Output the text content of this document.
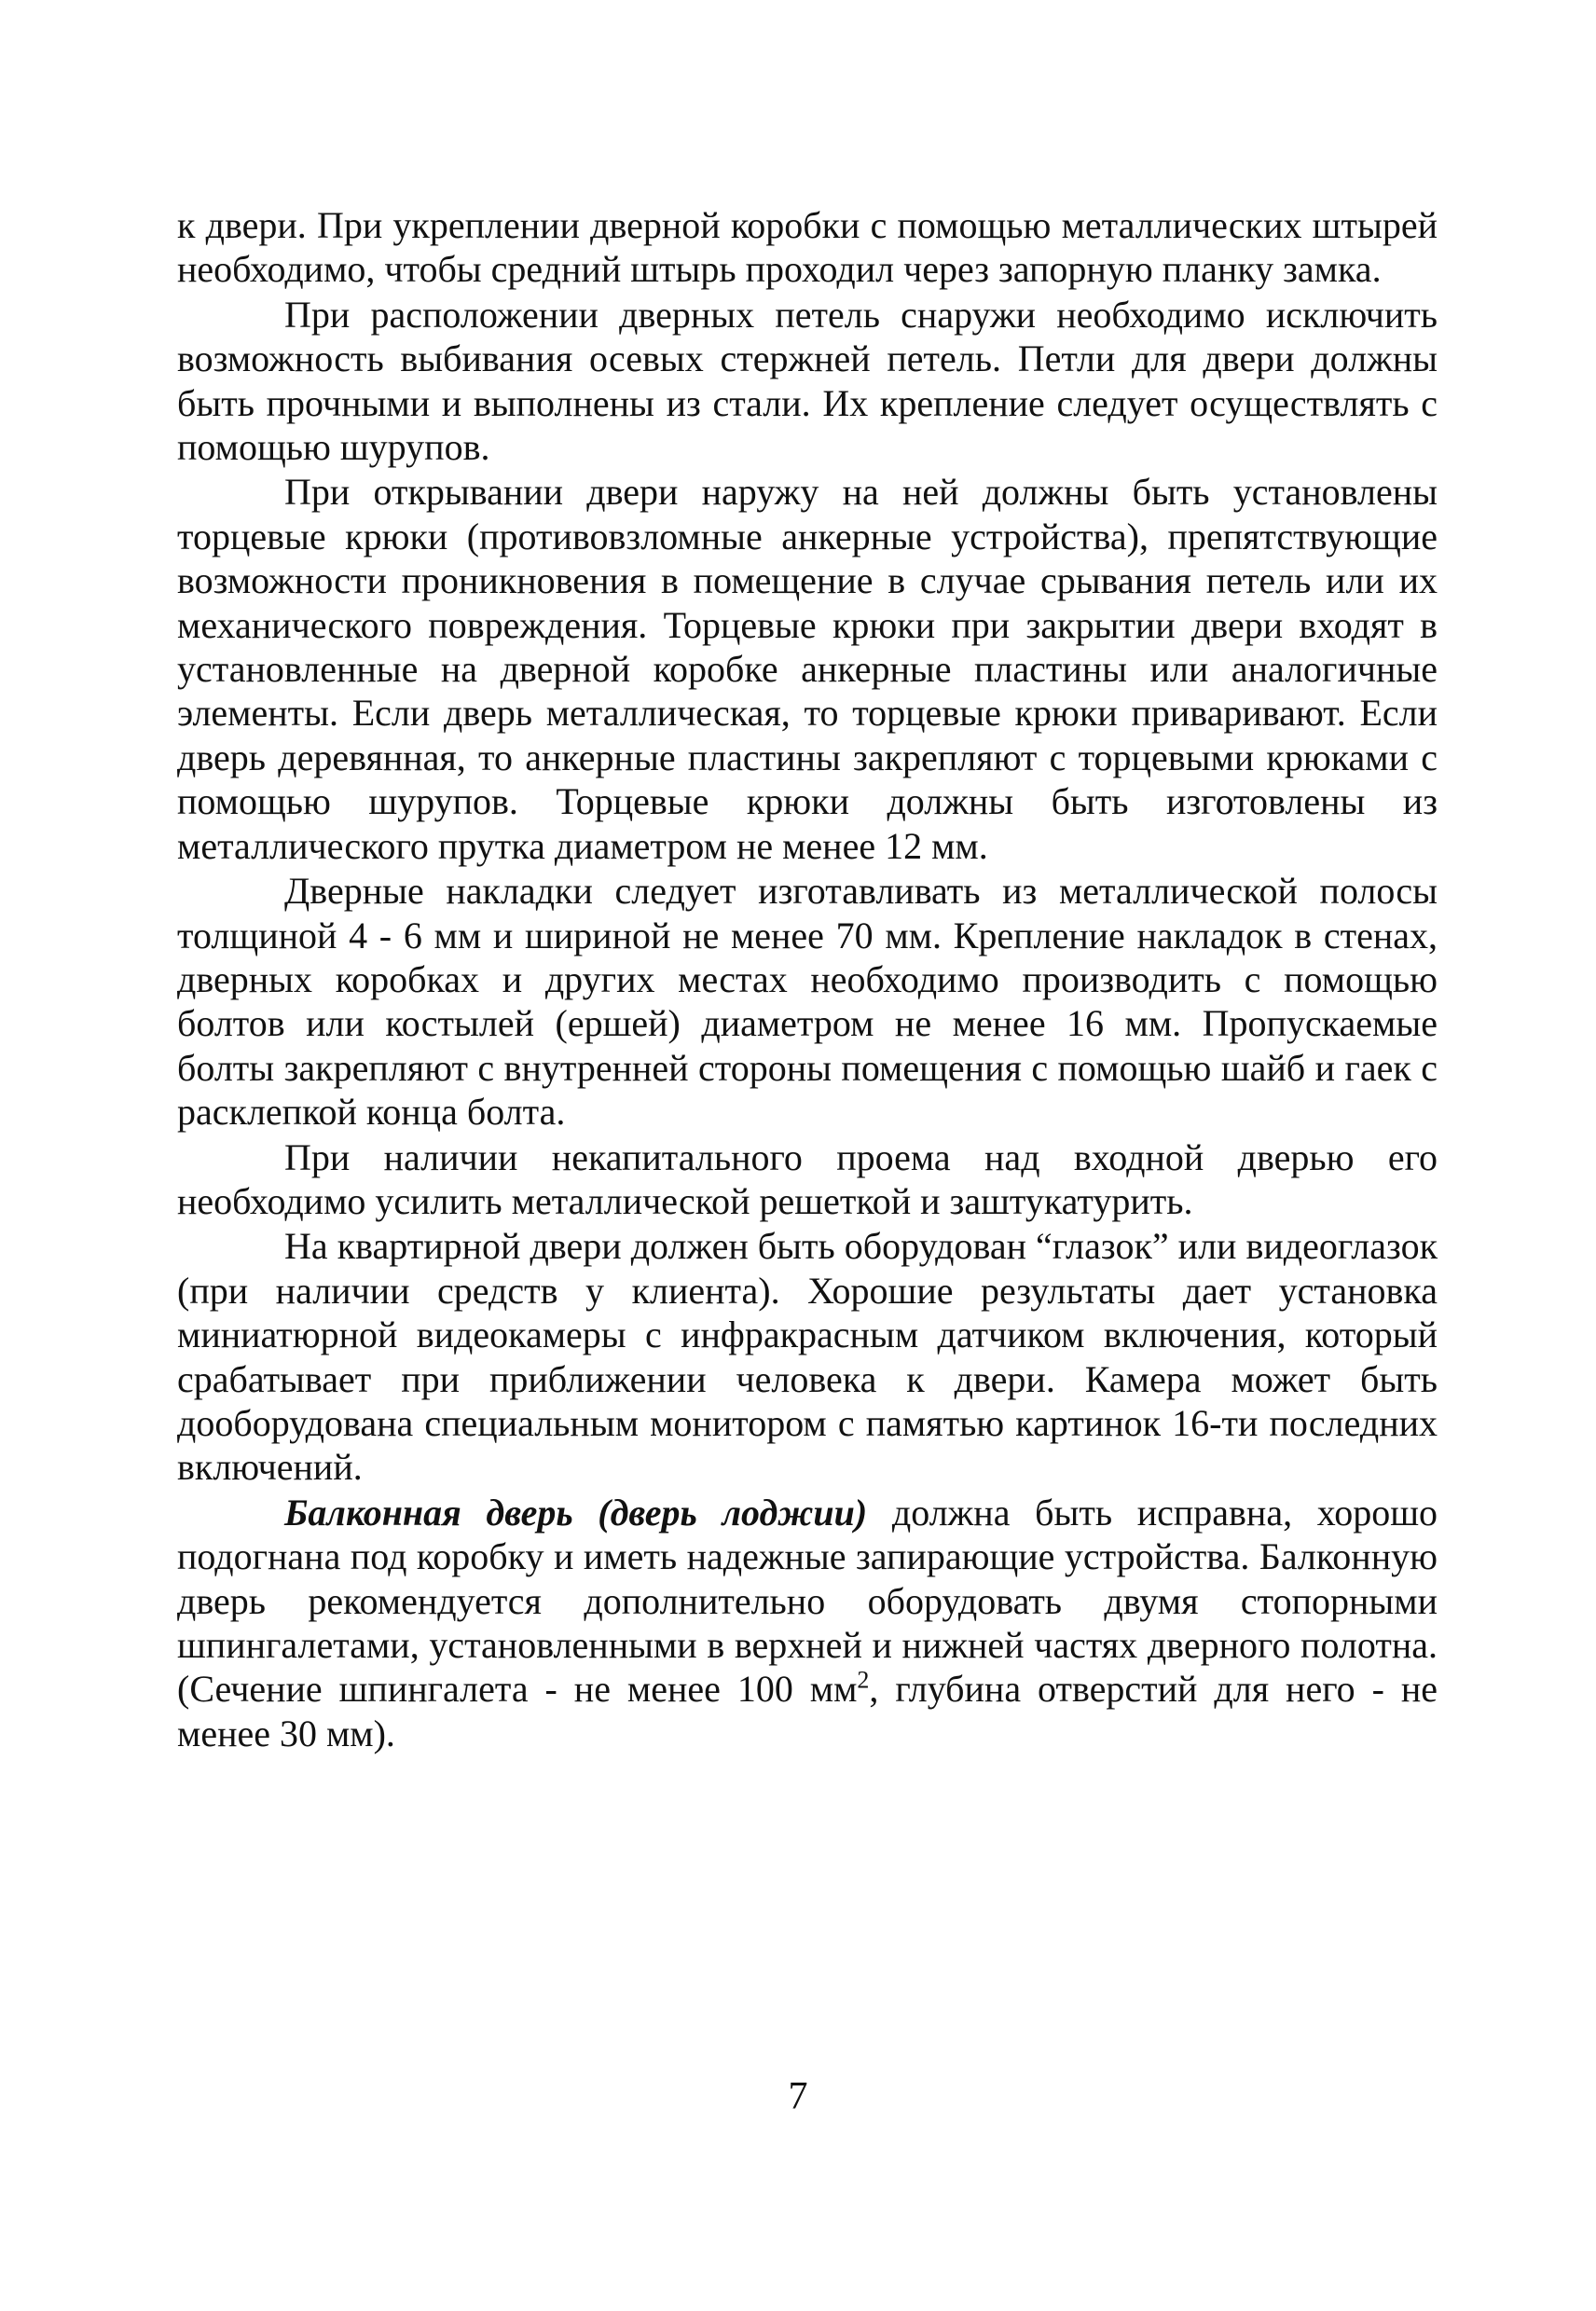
к двери. При укреплении дверной коробки с помощью металлических штырей необходимо, чтобы средний штырь проходил через запорную планку замка.

При расположении дверных петель снаружи необходимо исключить возможность выбивания осевых стержней петель. Петли для двери должны быть прочными и выполнены из стали. Их крепление следует осуществлять с помощью шурупов.

При открывании двери наружу на ней должны быть установлены торцевые крюки (противовзломные анкерные устройства), препятствующие возможности проникновения в помещение в случае срывания петель или их механического повреждения. Торцевые крюки при закрытии двери входят в установленные на дверной коробке анкерные пластины или аналогичные элементы. Если дверь металлическая, то торцевые крюки приваривают. Если дверь деревянная, то анкерные пластины закрепляют с торцевыми крюками с помощью шурупов. Торцевые крюки должны быть изготовлены из металлического прутка диаметром не менее 12 мм.

Дверные накладки следует изготавливать из металлической полосы толщиной 4 - 6 мм и шириной не менее 70 мм. Крепление накладок в стенах, дверных коробках и других местах необходимо производить с помощью болтов или костылей (ершей) диаметром не менее 16 мм. Пропускаемые болты закрепляют с внутренней стороны помещения с помощью шайб и гаек с расклепкой конца болта.

При наличии некапитального проема над входной дверью его необходимо усилить металлической решеткой и заштукатурить.

На квартирной двери должен быть оборудован “глазок” или видеоглазок (при наличии средств у клиента). Хорошие результаты дает установка миниатюрной видеокамеры с инфракрасным датчиком включения, который срабатывает при приближении человека к двери. Камера может быть дооборудована специальным монитором с памятью картинок 16-ти последних включений.

Балконная дверь (дверь лоджии) должна быть исправна, хорошо подогнана под коробку и иметь надежные запирающие устройства. Балконную дверь рекомендуется дополнительно оборудовать двумя стопорными шпингалетами, установленными в верхней и нижней частях дверного полотна. (Сечение шпингалета - не менее 100 $мм^2$, глубина отверстий для него - не менее 30 мм).

7
